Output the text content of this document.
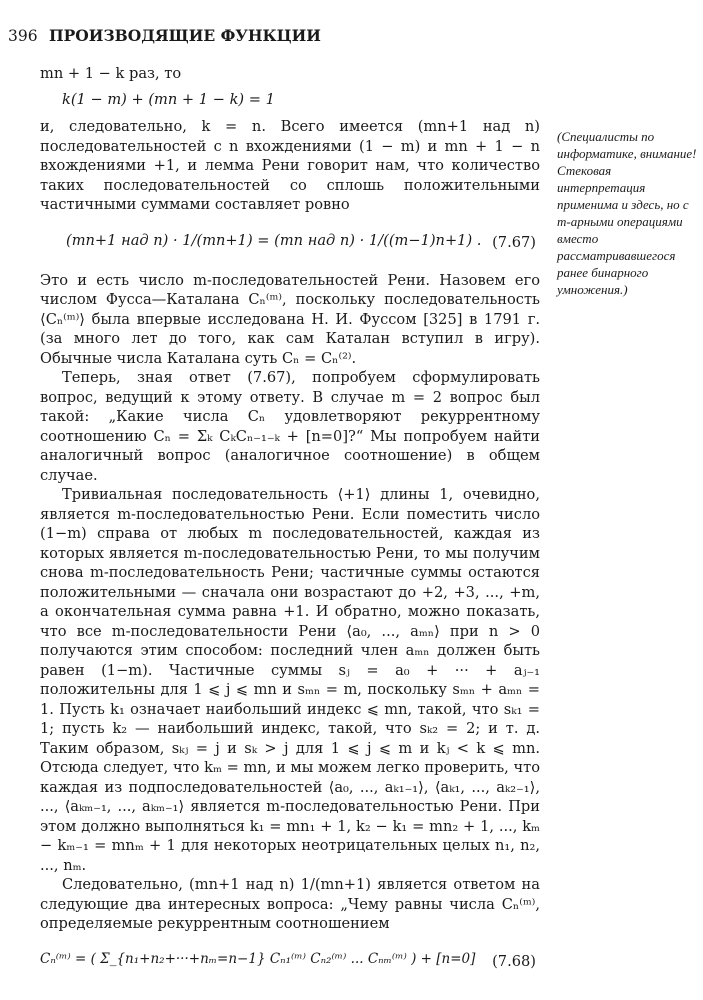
396 ПРОИЗВОДЯЩИЕ ФУНКЦИИ

mn + 1 − k раз, то

k(1 − m) + (mn + 1 − k) = 1

и, следовательно, k = n. Всего имеется (mn+1 над n) последовательностей с n вхождениями (1 − m) и mn + 1 − n вхождениями +1, и лемма Рени говорит нам, что количество таких последовательностей со сплошь положительными частичными суммами составляет ровно

(mn+1 над n) · 1/(mn+1) = (mn над n) · 1/((m−1)n+1) . (7.67)

Это и есть число m-последовательностей Рени. Назовем его числом Фусса—Каталана Cₙ⁽ᵐ⁾, поскольку последовательность ⟨Cₙ⁽ᵐ⁾⟩ была впервые исследована Н. И. Фуссом [325] в 1791 г. (за много лет до того, как сам Каталан вступил в игру). Обычные числа Каталана суть Cₙ = Cₙ⁽²⁾.

Теперь, зная ответ (7.67), попробуем сформулировать вопрос, ведущий к этому ответу. В случае m = 2 вопрос был такой: „Какие числа Cₙ удовлетворяют рекуррентному соотношению Cₙ = Σₖ CₖCₙ₋₁₋ₖ + [n=0]?“ Мы попробуем найти аналогичный вопрос (аналогичное соотношение) в общем случае.

Тривиальная последовательность ⟨+1⟩ длины 1, очевидно, является m-последовательностью Рени. Если поместить число (1−m) справа от любых m последовательностей, каждая из которых является m-последовательностью Рени, то мы получим снова m-последовательность Рени; частичные суммы остаются положительными — сначала они возрастают до +2, +3, ..., +m, а окончательная сумма равна +1. И обратно, можно показать, что все m-последовательности Рени ⟨a₀, ..., aₘₙ⟩ при n > 0 получаются этим способом: последний член aₘₙ должен быть равен (1−m). Частичные суммы sⱼ = a₀ + ··· + aⱼ₋₁ положительны для 1 ⩽ j ⩽ mn и sₘₙ = m, поскольку sₘₙ + aₘₙ = 1. Пусть k₁ означает наибольший индекс ⩽ mn, такой, что sₖ₁ = 1; пусть k₂ — наибольший индекс, такой, что sₖ₂ = 2; и т. д. Таким образом, sₖⱼ = j и sₖ > j для 1 ⩽ j ⩽ m и kⱼ < k ⩽ mn. Отсюда следует, что kₘ = mn, и мы можем легко проверить, что каждая из подпоследовательностей ⟨a₀, ..., aₖ₁₋₁⟩, ⟨aₖ₁, ..., aₖ₂₋₁⟩, ..., ⟨aₖₘ₋₁, ..., aₖₘ₋₁⟩ является m-последовательностью Рени. При этом должно выполняться k₁ = mn₁ + 1, k₂ − k₁ = mn₂ + 1, ..., kₘ − kₘ₋₁ = mnₘ + 1 для некоторых неотрицательных целых n₁, n₂, ..., nₘ.

Следовательно, (mn+1 над n) 1/(mn+1) является ответом на следующие два интересных вопроса: „Чему равны числа Cₙ⁽ᵐ⁾, определяемые рекуррентным соотношением

Cₙ⁽ᵐ⁾ = ( Σ_{n₁+n₂+···+nₘ=n−1} Cₙ₁⁽ᵐ⁾ Cₙ₂⁽ᵐ⁾ ... Cₙₘ⁽ᵐ⁾ ) + [n=0] (7.68)
(Специалисты по информатике, внимание! Стековая интерпретация применима и здесь, но с m-арными операциями вместо рассматривавшегося ранее бинарного умножения.)
